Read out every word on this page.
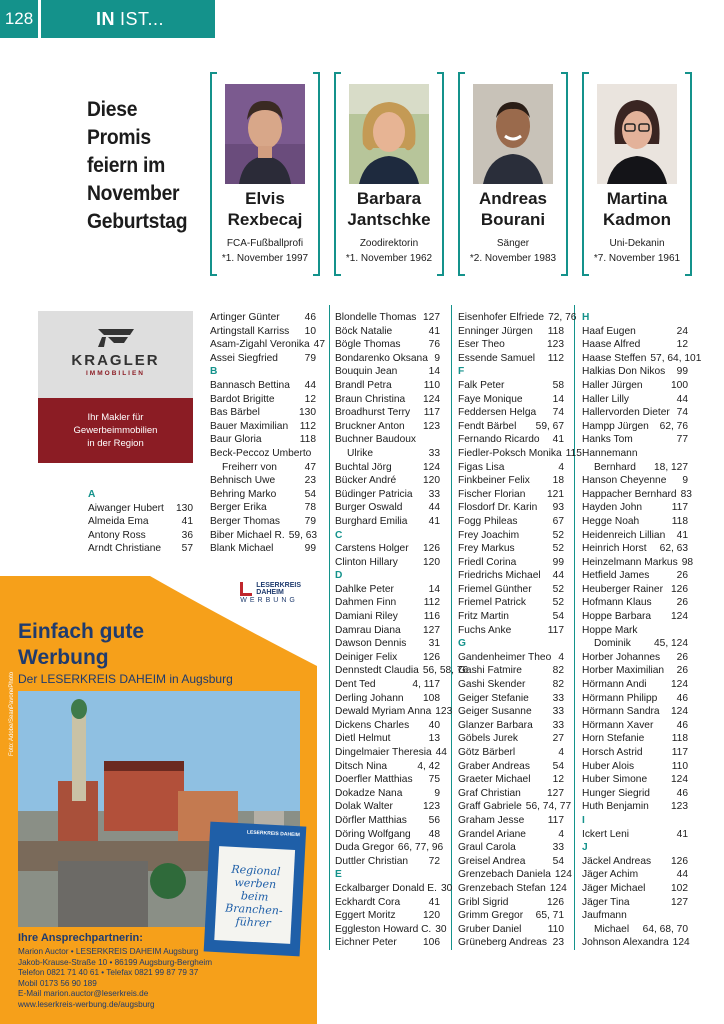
128	IN IST...
Diese
Promis
feiern im
November
Geburtstag
Elvis
Rexbecaj
FCA-Fußballprofi
*1. November 1997
Barbara
Jantschke
Zoodirektorin
*1. November 1962
Andreas
Bourani
Sänger
*2. November 1983
Martina
Kadmon
Uni-Dekanin
*7. November 1961
KRAGLER
IMMOBILIEN
Ihr Makler für
Gewerbeimmobilien
in der Region
A
Aiwanger Hubert 130
Almeida Ema	41
Antony Ross	36
Arndt Christiane 57
Artinger Günter 46
Artingstall Karriss 10
Asam-Zigahl Veronika 47
Assei Siegfried	79
B
Bannasch Bettina 44
Bardot Brigitte	12
Bas Bärbel	130
Bauer Maximilian 112
Baur Gloria	118
Beck-Peccoz Umberto
Freiherr von	47
Behnisch Uwe	23
Behring Marko	54
Berger Erika	78
Berger Thomas 79
Biber Michael R. 59, 63
Blank Michael	99
Blondelle Thomas 127
Böck Natalie	41
Bögle Thomas	76
Bondarenko Oksana 9
Bouquin Jean	14
Brandl Petra	110
Braun Christina 124
Broadhurst Terry 117
Bruckner Anton 123
Buchner Baudoux
Ulrike	33
Buchtal Jörg	124
Bücker André	120
Büdinger Patricia 33
Burger Oswald	44
Burghard Emilia 41
C
Carstens Holger 126
Clinton Hillary 120
D
Dahlke Peter	14
Dahmen Finn	112
Damiani Riley	116
Damrau Diana 127
Dawson Dennis 31
Deiniger Felix	126
Dennstedt Claudia 56, 58, 76
Dent Ted	4, 117
Derling Johann 108
Dewald Myriam Anna 123
Dickens Charles 40
Dietl Helmut	13
Dingelmaier Theresia 44
Ditsch Nina	4, 42
Doerfler Matthias 75
Dokadze Nana	9
Dolak Walter	123
Dörfler Matthias 56
Döring Wolfgang 48
Duda Gregor 66, 77, 96
Duttler Christian 72
E
Eckalbarger Donald E. 30
Eckhardt Cora	41
Eggert Moritz	120
Eggleston Howard C. 30
Eichner Peter	106
Eisenhofer Elfriede 72, 76
Enninger Jürgen 118
Eser Theo	123
Essende Samuel 112
F
Falk Peter	58
Faye Monique	14
Feddersen Helga 74
Fendt Bärbel 59, 67
Fernando Ricardo 41
Fiedler-Poksch Monika 115
Figas Lisa	4
Finkbeiner Felix 18
Fischer Florian 121
Flosdorf Dr. Karin 93
Fogg Phileas	67
Frey Joachim	52
Frey Markus	52
Friedl Corina	99
Friedrichs Michael 44
Friemel Günther 52
Friemel Patrick	52
Fritz Martin	54
Fuchs Anke	117
G
Gandenheimer Theo 4
Gashi Fatmire	82
Gashi Skender	82
Geiger Stefanie 33
Geiger Susanne 33
Glanzer Barbara 33
Göbels Jurek	27
Götz Bärberl	4
Graber Andreas 54
Graeter Michael 12
Graf Christian	127
Graff Gabriele 56, 74, 77
Graham Jesse 117
Grandel Ariane	4
Graul Carola	33
Greisel Andrea	54
Grenzebach Daniela 124
Grenzebach Stefan 124
Gribl Sigrid	126
Grimm Gregor 65, 71
Gruber Daniel	110
Grüneberg Andreas 23
H
Haaf Eugen	24
Haase Alfred	12
Haase Steffen 57, 64, 101
Halkias Don Nikos 99
Haller Jürgen	100
Haller Lilly	44
Hallervorden Dieter 74
Hampp Jürgen 62, 76
Hanks Tom	77
Hannemann
Bernhard 18, 127
Hanson Cheyenne 9
Happacher Bernhard 83
Hayden John	117
Hegge Noah	118
Heidenreich Lillian 41
Heinrich Horst 62, 63
Heinzelmann Markus 98
Hetfield James	26
Heuberger Rainer 126
Hofmann Klaus 26
Hoppe Barbara 124
Hoppe Mark
Dominik 45, 124
Horber Johannes 26
Horber Maximilian 26
Hörmann Andi 124
Hörmann Philipp 46
Hörmann Sandra 124
Hörmann Xaver 46
Horn Stefanie	118
Horsch Astrid	117
Huber Alois	110
Huber Simone 124
Hunger Siegrid	46
Huth Benjamin 123
I
Ickert Leni	41
J
Jäckel Andreas 126
Jäger Achim	44
Jäger Michael	102
Jäger Tina	127
Jaufmann
Michael 64, 68, 70
Johnson Alexandra 124
LESERKREIS
DAHEIM
WERBUNG
Einfach gute
Werbung
Der LESERKREIS DAHEIM in Augsburg
Foto: Adobe/SeanPavonePhoto
LESERKREIS DAHEIM
Regional
werben beim
Branchen-
führer
Ihre Ansprechpartnerin:
Marion Auctor • LESERKREIS DAHEIM Augsburg
Jakob-Krause-Straße 10 • 86199 Augsburg-Bergheim
Telefon 0821 71 40 61 • Telefax 0821 99 87 79 37
Mobil 0173 56 90 189
E-Mail marion.auctor@leserkreis.de
www.leserkreis-werbung.de/augsburg
